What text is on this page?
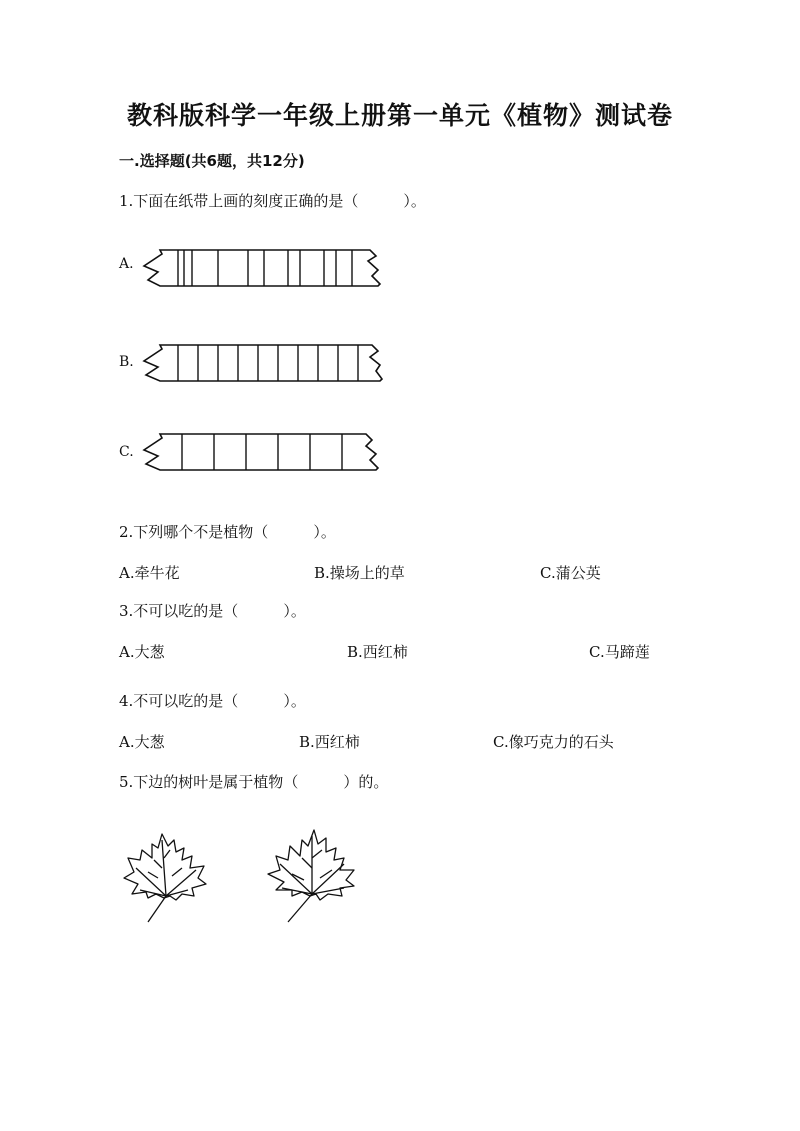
教科版科学一年级上册第一单元《植物》测试卷
一.选择题(共6题，共12分)
1.下面在纸带上画的刻度正确的是（　　　）。
A.
B.
C.
2.下列哪个不是植物（　　　）。
A.牵牛花	B.操场上的草	C.蒲公英
3.不可以吃的是（　　　）。
A.大葱	B.西红柿	C.马蹄莲
4.不可以吃的是（　　　）。
A.大葱	B.西红柿	C.像巧克力的石头
5.下边的树叶是属于植物（　　　）的。
